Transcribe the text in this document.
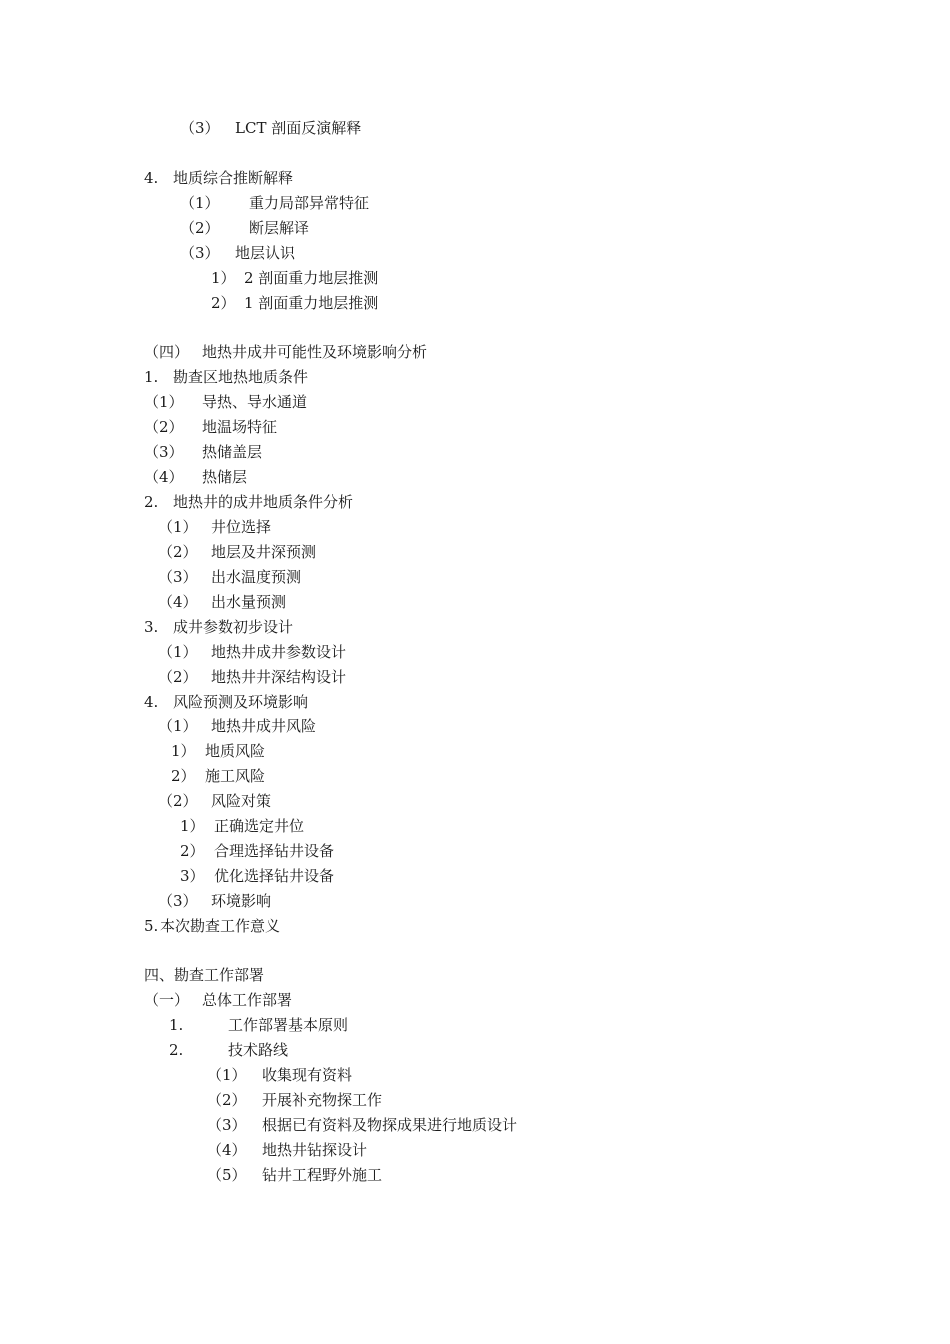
（3） LCT 剖面反演解释
4. 地质综合推断解释
（1） 重力局部异常特征
（2） 断层解译
（3） 地层认识
1） 2 剖面重力地层推测
2） 1 剖面重力地层推测
（四） 地热井成井可能性及环境影响分析
1. 勘查区地热地质条件
（1） 导热、导水通道
（2） 地温场特征
（3） 热储盖层
（4） 热储层
2. 地热井的成井地质条件分析
（1） 井位选择
（2） 地层及井深预测
（3） 出水温度预测
（4） 出水量预测
3. 成井参数初步设计
（1） 地热井成井参数设计
（2） 地热井井深结构设计
4. 风险预测及环境影响
（1） 地热井成井风险
1） 地质风险
2） 施工风险
（2） 风险对策
1） 正确选定井位
2） 合理选择钻井设备
3） 优化选择钻井设备
（3） 环境影响
5. 本次勘查工作意义
四、勘查工作部署
（一） 总体工作部署
1.	工作部署基本原则
2.	技术路线
（1） 收集现有资料
（2） 开展补充物探工作
（3） 根据已有资料及物探成果进行地质设计
（4） 地热井钻探设计
（5） 钻井工程野外施工
